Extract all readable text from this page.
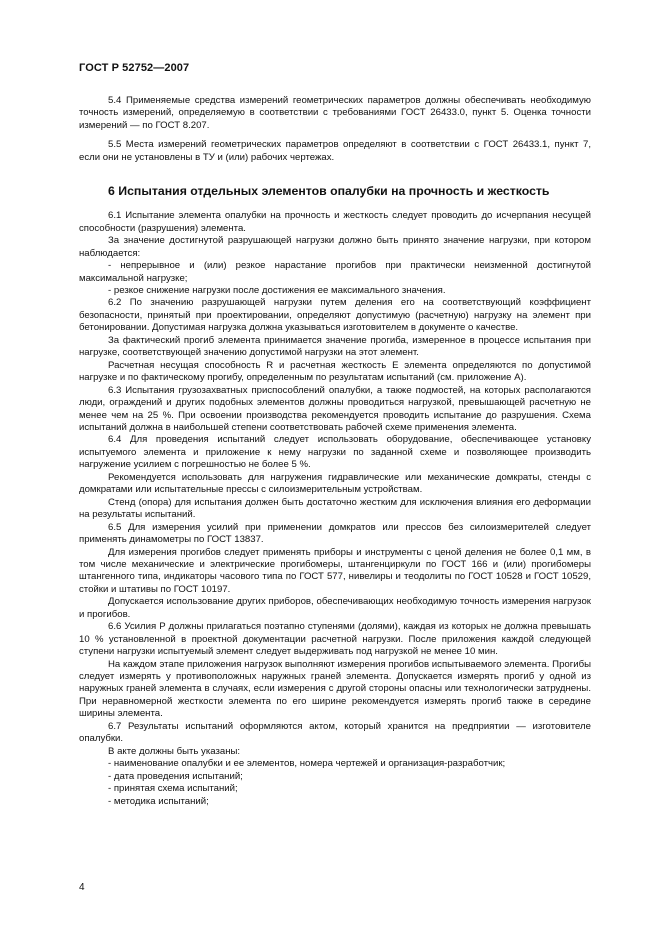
ГОСТ Р 52752—2007

5.4 Применяемые средства измерений геометрических параметров должны обеспечивать необходимую точность измерений, определяемую в соответствии с требованиями ГОСТ 26433.0, пункт 5. Оценка точности измерений — по ГОСТ 8.207.

5.5 Места измерений геометрических параметров определяют в соответствии с ГОСТ 26433.1, пункт 7, если они не установлены в ТУ и (или) рабочих чертежах.

6 Испытания отдельных элементов опалубки на прочность и жесткость

6.1 Испытание элемента опалубки на прочность и жесткость следует проводить до исчерпания несущей способности (разрушения) элемента.

За значение достигнутой разрушающей нагрузки должно быть принято значение нагрузки, при котором наблюдается:

- непрерывное и (или) резкое нарастание прогибов при практически неизменной достигнутой максимальной нагрузке;

- резкое снижение нагрузки после достижения ее максимального значения.

6.2 По значению разрушающей нагрузки путем деления его на соответствующий коэффициент безопасности, принятый при проектировании, определяют допустимую (расчетную) нагрузку на элемент при бетонировании. Допустимая нагрузка должна указываться изготовителем в документе о качестве.

За фактический прогиб элемента принимается значение прогиба, измеренное в процессе испытания при нагрузке, соответствующей значению допустимой нагрузки на этот элемент.

Расчетная несущая способность R и расчетная жесткость E элемента определяются по допустимой нагрузке и по фактическому прогибу, определенным по результатам испытаний (см. приложение А).

6.3 Испытания грузозахватных приспособлений опалубки, а также подмостей, на которых располагаются люди, ограждений и других подобных элементов должны проводиться нагрузкой, превышающей расчетную не менее чем на 25 %. При освоении производства рекомендуется проводить испытание до разрушения. Схема испытаний должна в наибольшей степени соответствовать рабочей схеме применения элемента.

6.4 Для проведения испытаний следует использовать оборудование, обеспечивающее установку испытуемого элемента и приложение к нему нагрузки по заданной схеме и позволяющее производить нагружение усилием с погрешностью не более 5 %.

Рекомендуется использовать для нагружения гидравлические или механические домкраты, стенды с домкратами или испытательные прессы с силоизмерительным устройствам.

Стенд (опора) для испытания должен быть достаточно жестким для исключения влияния его деформации на результаты испытаний.

6.5 Для измерения усилий при применении домкратов или прессов без силоизмерителей следует применять динамометры по ГОСТ 13837.

Для измерения прогибов следует применять приборы и инструменты с ценой деления не более 0,1 мм, в том числе механические и электрические прогибомеры, штангенциркули по ГОСТ 166 и (или) прогибомеры штангенного типа, индикаторы часового типа по ГОСТ 577, нивелиры и теодолиты по ГОСТ 10528 и ГОСТ 10529, стойки и штативы по ГОСТ 10197.

Допускается использование других приборов, обеспечивающих необходимую точность измерения нагрузок и прогибов.

6.6 Усилия P должны прилагаться поэтапно ступенями (долями), каждая из которых не должна превышать 10 % установленной в проектной документации расчетной нагрузки. После приложения каждой следующей ступени нагрузки испытуемый элемент следует выдерживать под нагрузкой не менее 10 мин.

На каждом этапе приложения нагрузок выполняют измерения прогибов испытываемого элемента. Прогибы следует измерять у противоположных наружных граней элемента. Допускается измерять прогиб у одной из наружных граней элемента в случаях, если измерения с другой стороны опасны или технологически затруднены. При неравномерной жесткости элемента по его ширине рекомендуется измерять прогиб также в середине ширины элемента.

6.7 Результаты испытаний оформляются актом, который хранится на предприятии — изготовителе опалубки.

В акте должны быть указаны:

- наименование опалубки и ее элементов, номера чертежей и организация-разработчик;

- дата проведения испытаний;

- принятая схема испытаний;

- методика испытаний;

4
